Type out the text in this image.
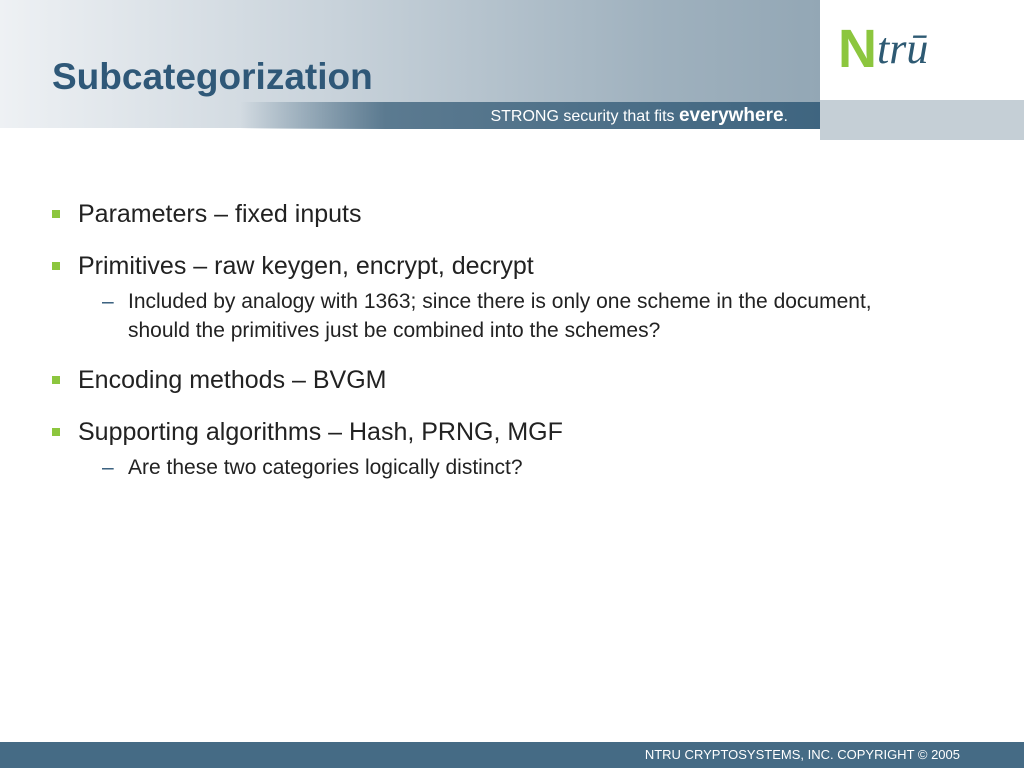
N trū
Subcategorization
STRONG security that fits everywhere.
Parameters – fixed inputs
Primitives – raw keygen, encrypt, decrypt
– Included by analogy with 1363; since there is only one scheme in the document, should the primitives just be combined into the schemes?
Encoding methods – BVGM
Supporting algorithms – Hash, PRNG, MGF
– Are these two categories logically distinct?
NTRU CRYPTOSYSTEMS, INC. COPYRIGHT © 2005
